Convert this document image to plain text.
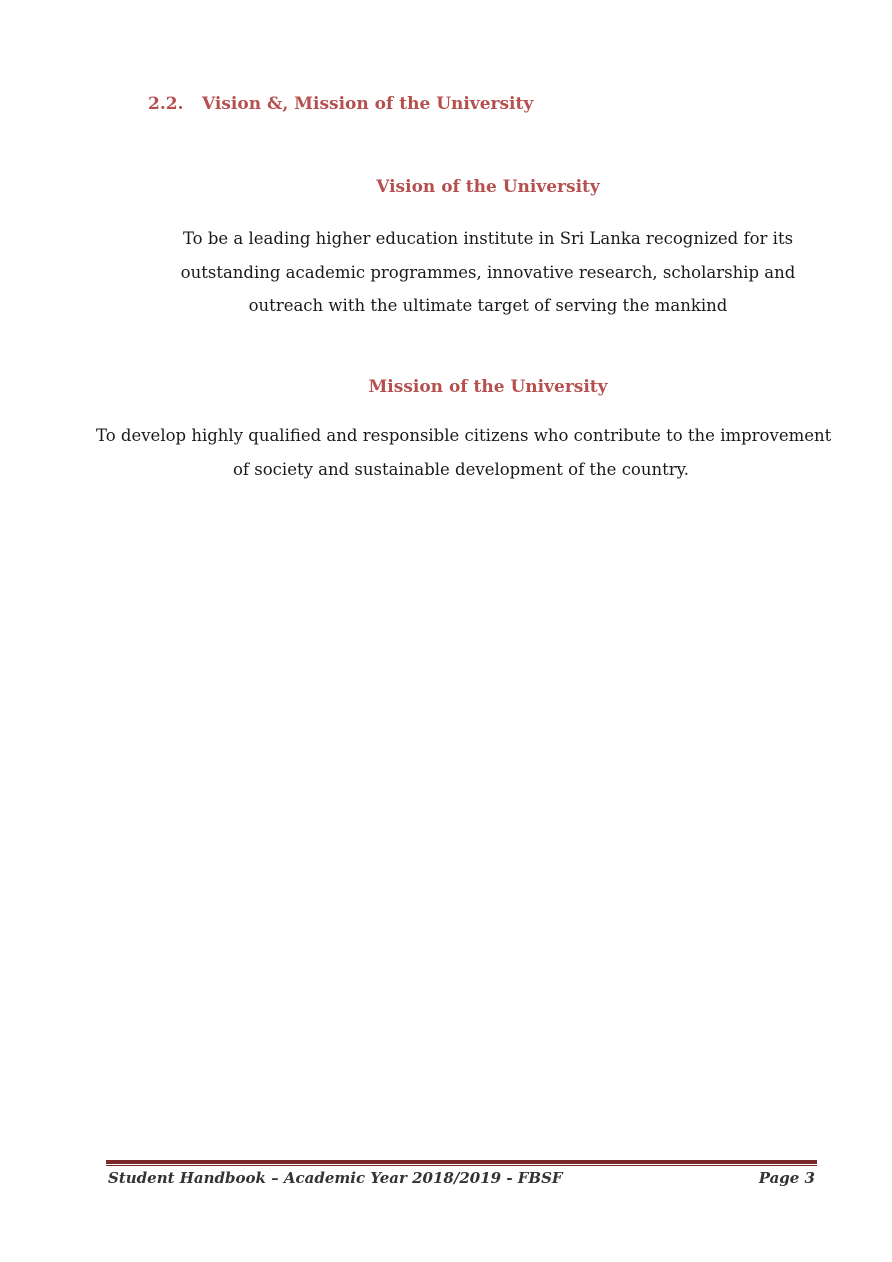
2.2. Vision &, Mission of the University
Vision of the University
To be a leading higher education institute in Sri Lanka recognized for its
outstanding academic programmes, innovative research, scholarship and
outreach with the ultimate target of serving the mankind
Mission of the University
To develop highly qualified and responsible citizens who contribute to the improvement
of society and sustainable development of the country.
Student Handbook – Academic Year 2018/2019 - FBSF	Page 3
